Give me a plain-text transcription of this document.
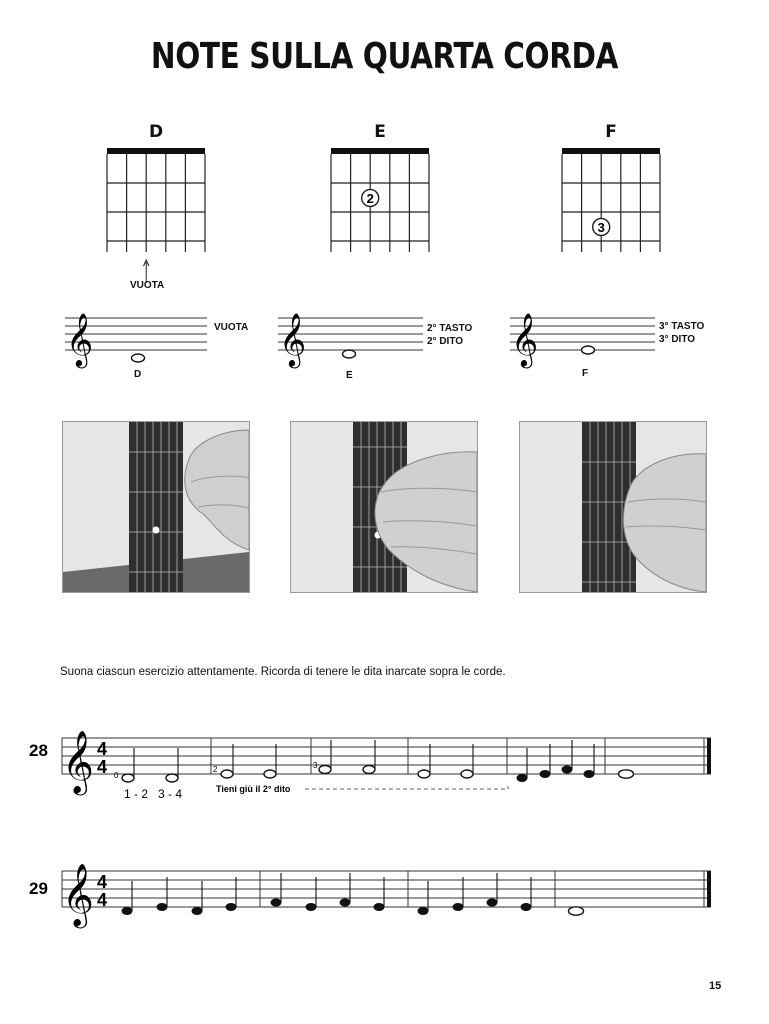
NOTE SULLA QUARTA CORDA
D	E	F
2
3
VUOTA
𝄞	𝄞	𝄞
VUOTA
D
2° TASTO
2° DITO
E
3° TASTO
3° DITO
F
Suona ciascun esercizio attentamente. Ricorda di tenere le dita inarcate sopra le corde.
28 𝄞 4
4 0
2	3
1 - 2   3 - 4	Tieni giù il 2° dito
29 𝄞 4
4
15
